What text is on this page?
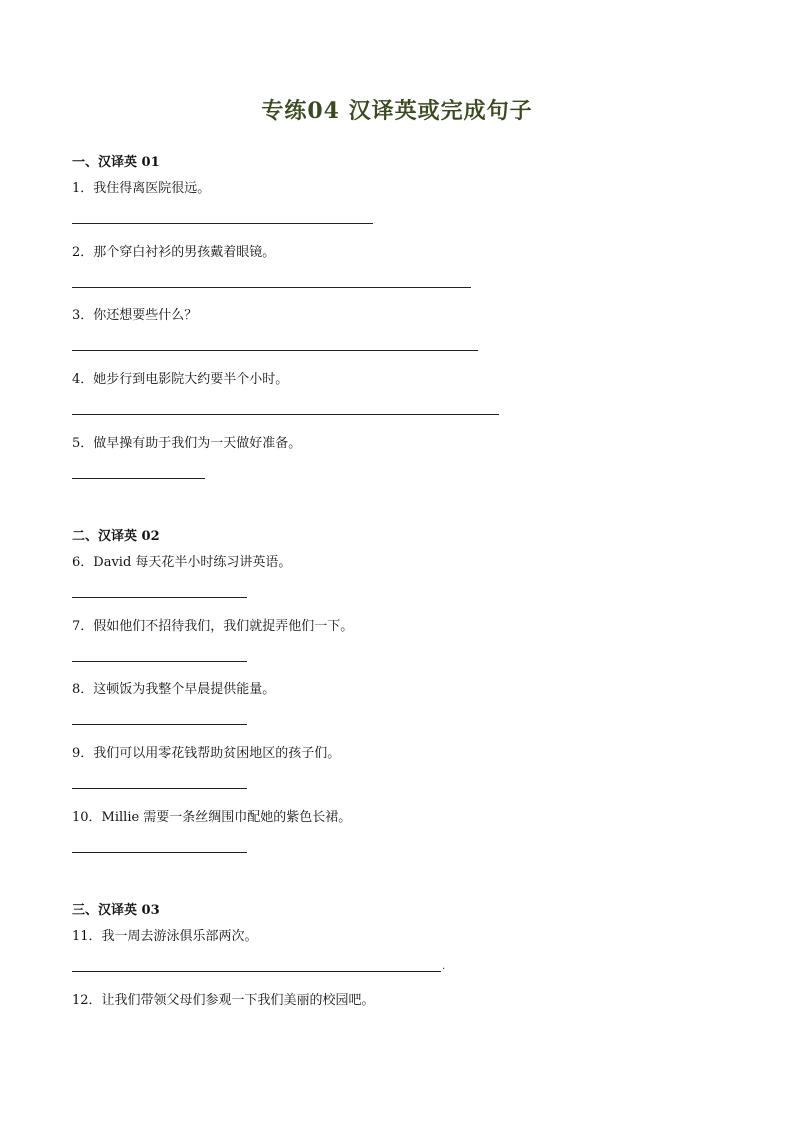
专练04 汉译英或完成句子
一、汉译英 01
1．我住得离医院很远。
2．那个穿白衬衫的男孩戴着眼镜。
3．你还想要些什么？
4．她步行到电影院大约要半个小时。
5．做早操有助于我们为一天做好准备。
二、汉译英 02
6．David 每天花半小时练习讲英语。
7．假如他们不招待我们，我们就捉弄他们一下。
8．这顿饭为我整个早晨提供能量。
9．我们可以用零花钱帮助贫困地区的孩子们。
10．Millie 需要一条丝绸围巾配她的紫色长裙。
三、汉译英 03
11．我一周去游泳俱乐部两次。
.
12．让我们带领父母们参观一下我们美丽的校园吧。
